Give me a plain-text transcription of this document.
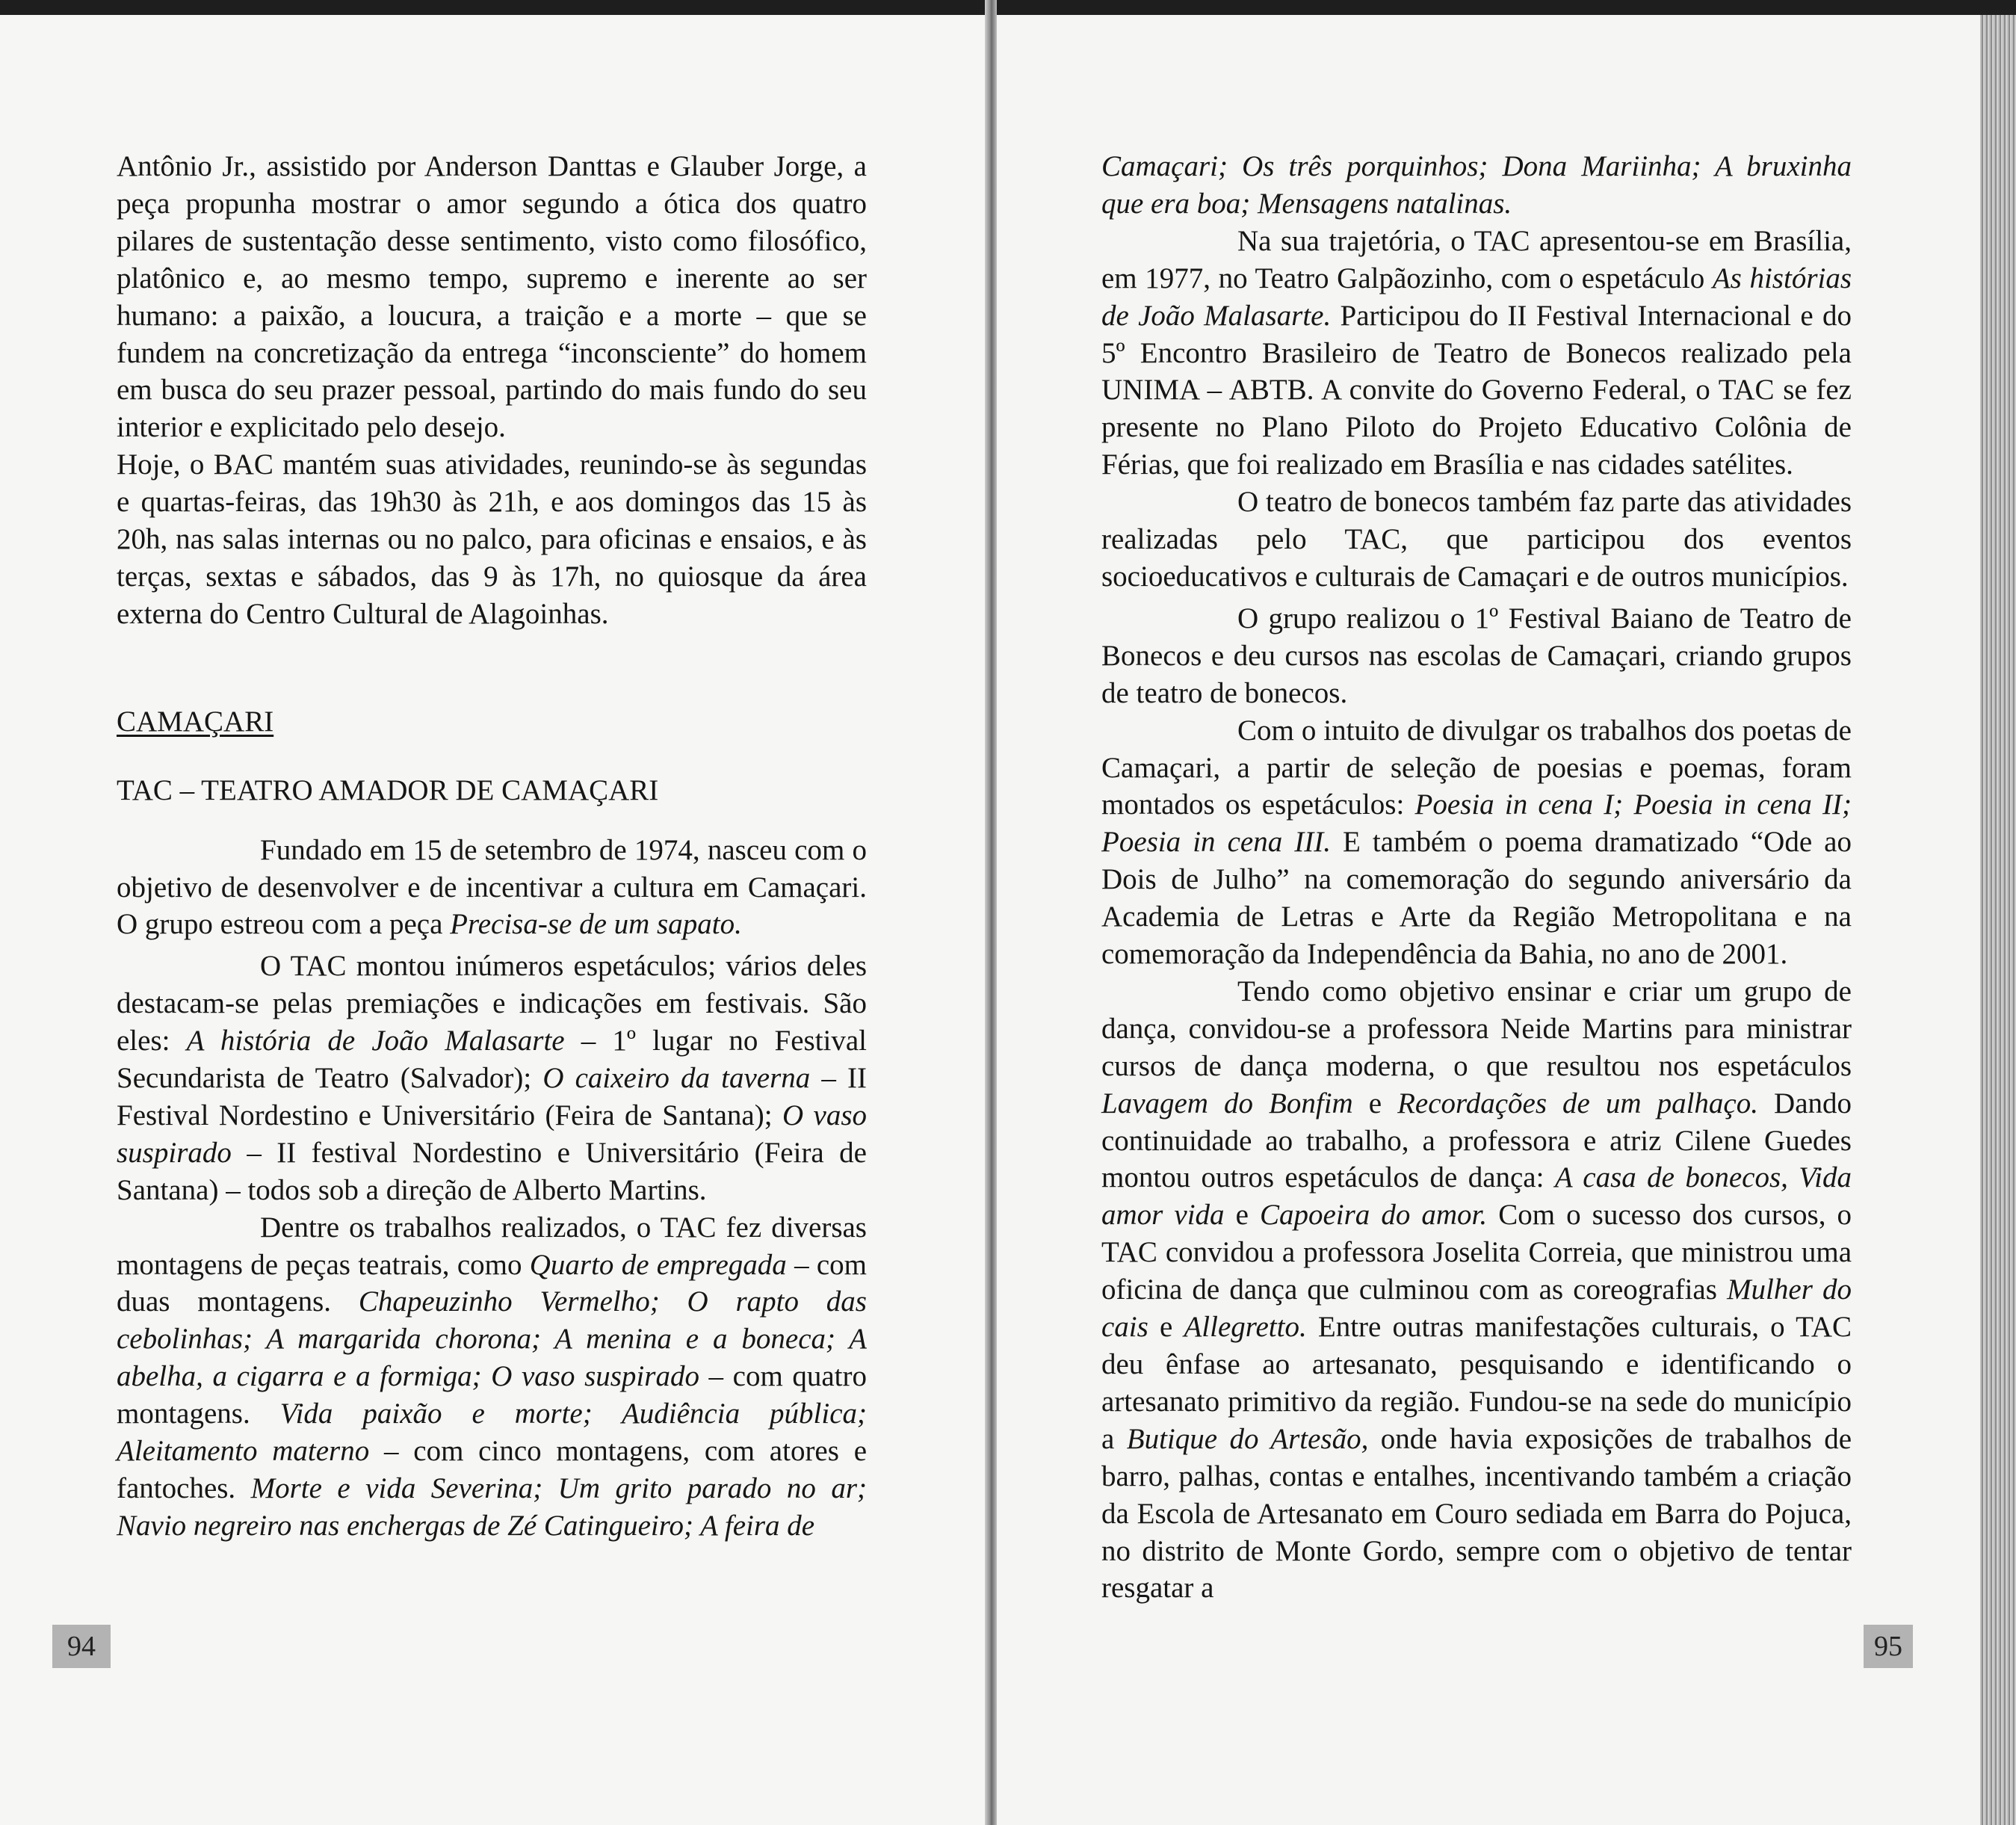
Antônio Jr., assistido por Anderson Danttas e Glauber Jorge, a peça propunha mostrar o amor segundo a ótica dos quatro pilares de sustentação desse sentimento, visto como filosófico, platônico e, ao mesmo tempo, supremo e inerente ao ser humano: a paixão, a loucura, a traição e a morte – que se fundem na concretização da entrega “inconsciente” do homem em busca do seu prazer pessoal, partindo do mais fundo do seu interior e explicitado pelo desejo.

Hoje, o BAC mantém suas atividades, reunindo-se às segundas e quartas-feiras, das 19h30 às 21h, e aos domingos das 15 às 20h, nas salas internas ou no palco, para oficinas e ensaios, e às terças, sextas e sábados, das 9 às 17h, no quiosque da área externa do Centro Cultural de Alagoinhas.

CAMAÇARI

TAC – TEATRO AMADOR DE CAMAÇARI

Fundado em 15 de setembro de 1974, nasceu com o objetivo de desenvolver e de incentivar a cultura em Camaçari. O grupo estreou com a peça Precisa-se de um sapato.

O TAC montou inúmeros espetáculos; vários deles destacam-se pelas premiações e indicações em festivais. São eles: A história de João Malasarte – 1º lugar no Festival Secundarista de Teatro (Salvador); O caixeiro da taverna – II Festival Nordestino e Universitário (Feira de Santana); O vaso suspirado – II festival Nordestino e Universitário (Feira de Santana) – todos sob a direção de Alberto Martins.

Dentre os trabalhos realizados, o TAC fez diversas montagens de peças teatrais, como Quarto de empregada – com duas montagens. Chapeuzinho Vermelho; O rapto das cebolinhas; A margarida chorona; A menina e a boneca; A abelha, a cigarra e a formiga; O vaso suspirado – com quatro montagens. Vida paixão e morte; Audiência pública; Aleitamento materno – com cinco montagens, com atores e fantoches. Morte e vida Severina; Um grito parado no ar; Navio negreiro nas enchergas de Zé Catingueiro; A feira de

94

Camaçari; Os três porquinhos; Dona Mariinha; A bruxinha que era boa; Mensagens natalinas.

Na sua trajetória, o TAC apresentou-se em Brasília, em 1977, no Teatro Galpãozinho, com o espetáculo As histórias de João Malasarte. Participou do II Festival Internacional e do 5º Encontro Brasileiro de Teatro de Bonecos realizado pela UNIMA – ABTB. A convite do Governo Federal, o TAC se fez presente no Plano Piloto do Projeto Educativo Colônia de Férias, que foi realizado em Brasília e nas cidades satélites.

O teatro de bonecos também faz parte das atividades realizadas pelo TAC, que participou dos eventos socioeducativos e culturais de Camaçari e de outros municípios.

O grupo realizou o 1º Festival Baiano de Teatro de Bonecos e deu cursos nas escolas de Camaçari, criando grupos de teatro de bonecos.

Com o intuito de divulgar os trabalhos dos poetas de Camaçari, a partir de seleção de poesias e poemas, foram montados os espetáculos: Poesia in cena I; Poesia in cena II; Poesia in cena III. E também o poema dramatizado “Ode ao Dois de Julho” na comemoração do segundo aniversário da Academia de Letras e Arte da Região Metropolitana e na comemoração da Independência da Bahia, no ano de 2001.

Tendo como objetivo ensinar e criar um grupo de dança, convidou-se a professora Neide Martins para ministrar cursos de dança moderna, o que resultou nos espetáculos Lavagem do Bonfim e Recordações de um palhaço. Dando continuidade ao trabalho, a professora e atriz Cilene Guedes montou outros espetáculos de dança: A casa de bonecos, Vida amor vida e Capoeira do amor. Com o sucesso dos cursos, o TAC convidou a professora Joselita Correia, que ministrou uma oficina de dança que culminou com as coreografias Mulher do cais e Allegretto. Entre outras manifestações culturais, o TAC deu ênfase ao artesanato, pesquisando e identificando o artesanato primitivo da região. Fundou-se na sede do município a Butique do Artesão, onde havia exposições de trabalhos de barro, palhas, contas e entalhes, incentivando também a criação da Escola de Artesanato em Couro sediada em Barra do Pojuca, no distrito de Monte Gordo, sempre com o objetivo de tentar resgatar a

95
